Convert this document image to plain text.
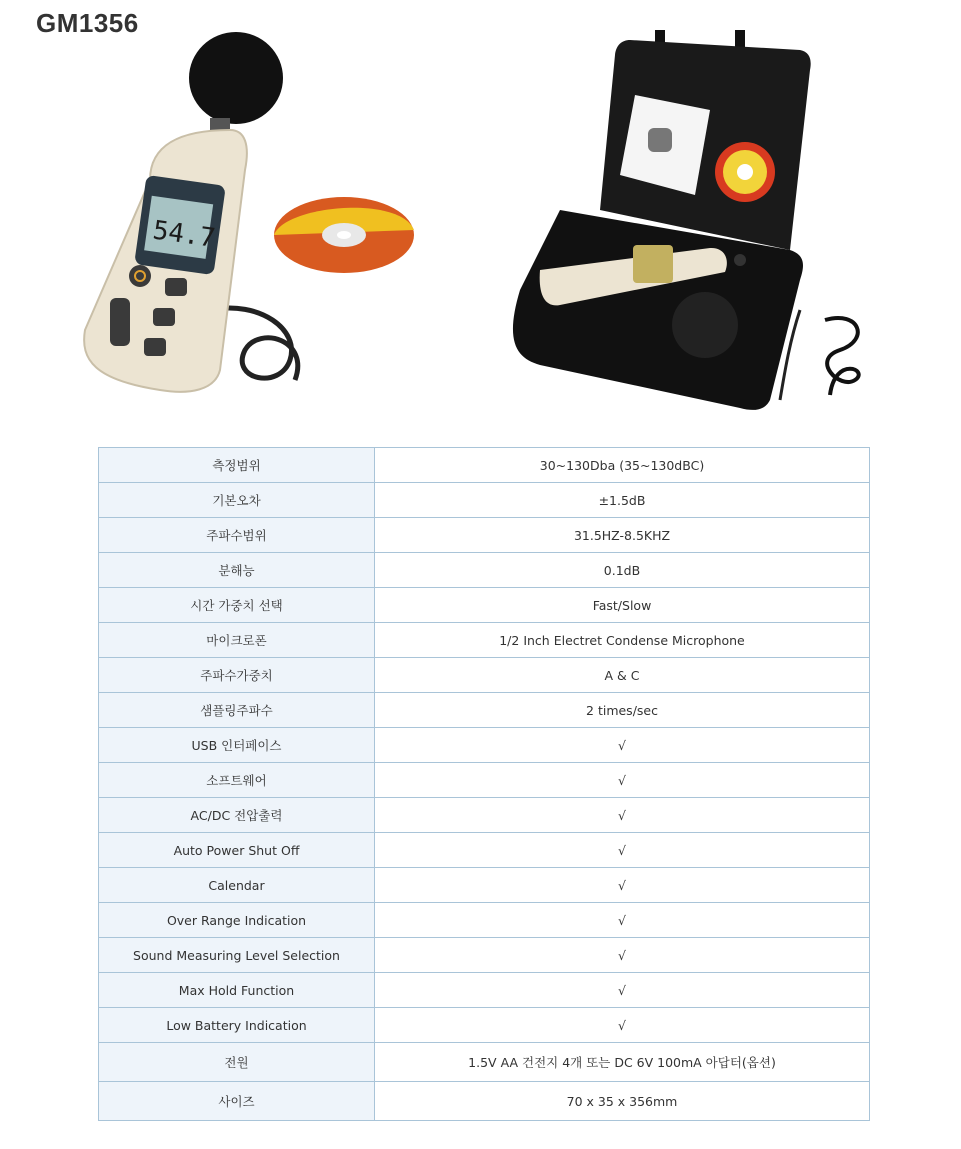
GM1356
54.7
측정범위	30~130Dba (35~130dBC)
기본오차	±1.5dB
주파수범위	31.5HZ-8.5KHZ
분해능	0.1dB
시간 가중치 선택	Fast/Slow
마이크로폰	1/2 Inch Electret Condense Microphone
주파수가중치	A & C
샘플링주파수	2 times/sec
USB 인터페이스	√
소프트웨어	√
AC/DC 전압출력	√
Auto Power Shut Off	√
Calendar	√
Over Range Indication	√
Sound Measuring Level Selection	√
Max Hold Function	√
Low Battery Indication	√
전원	1.5V AA 건전지 4개 또는 DC 6V 100mA 아답터(옵션)
사이즈	70 x 35 x 356mm
